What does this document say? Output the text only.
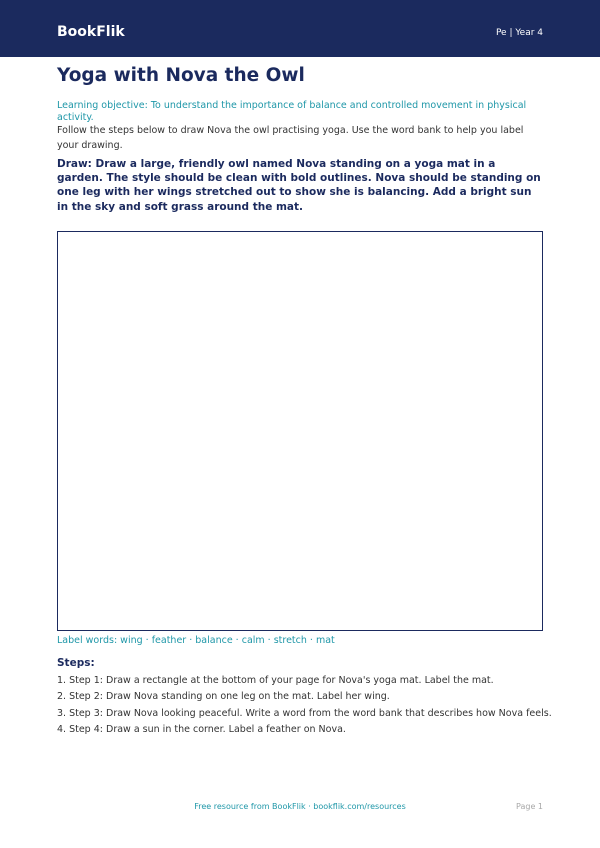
BookFlik	Pe | Year 4
Yoga with Nova the Owl
Learning objective: To understand the importance of balance and controlled movement in physical activity.
Follow the steps below to draw Nova the owl practising yoga. Use the word bank to help you label your drawing.
Draw: Draw a large, friendly owl named Nova standing on a yoga mat in a garden. The style should be clean with bold outlines. Nova should be standing on one leg with her wings stretched out to show she is balancing. Add a bright sun in the sky and soft grass around the mat.
Label words: wing · feather · balance · calm · stretch · mat
Steps:
1. Step 1: Draw a rectangle at the bottom of your page for Nova's yoga mat. Label the mat.
2. Step 2: Draw Nova standing on one leg on the mat. Label her wing.
3. Step 3: Draw Nova looking peaceful. Write a word from the word bank that describes how Nova feels.
4. Step 4: Draw a sun in the corner. Label a feather on Nova.
Free resource from BookFlik · bookflik.com/resources	Page 1
